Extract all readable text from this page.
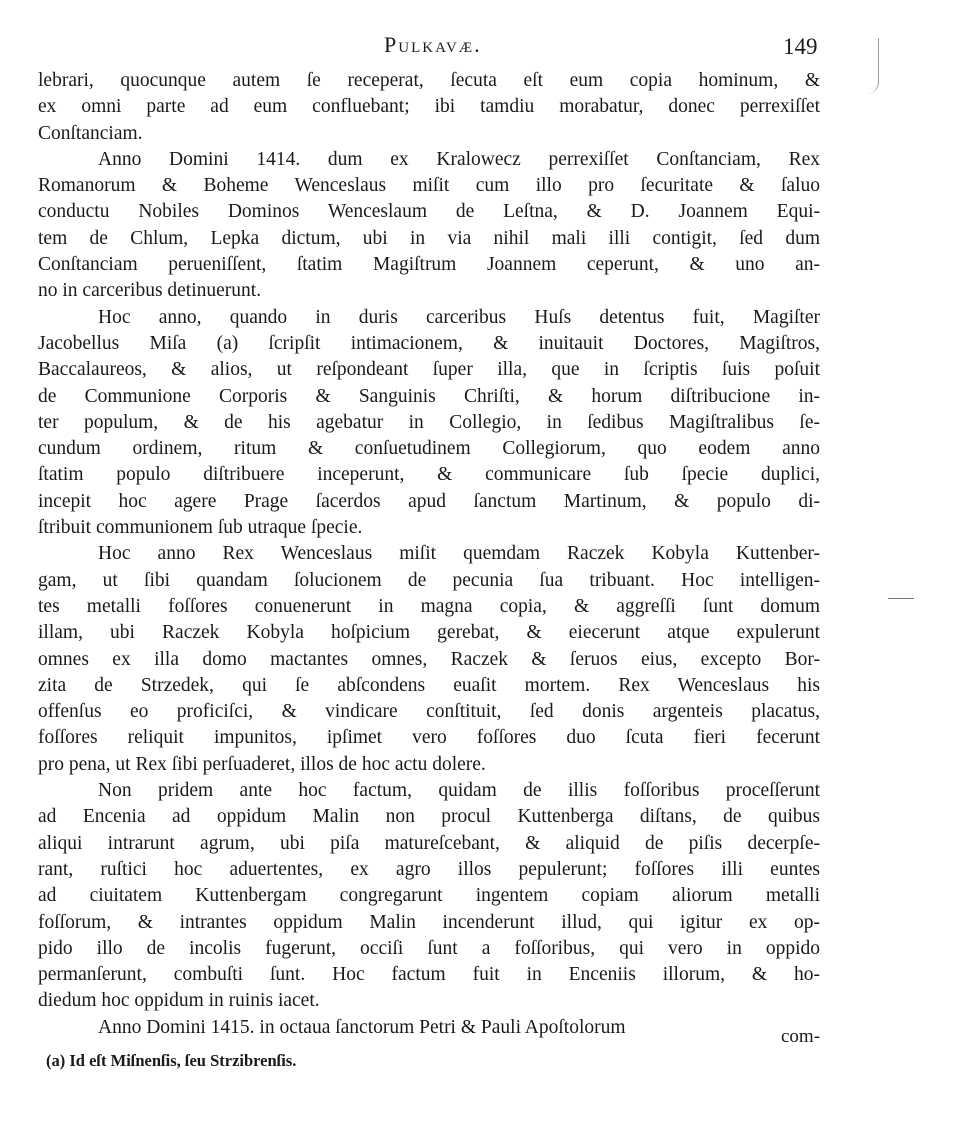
Pulkavæ.	149

lebrari, quocunque autem ſe receperat, ſecuta eſt eum copia hominum, &
ex omni parte ad eum confluebant; ibi tamdiu morabatur, donec perrexiſſet
Conſtanciam.

Anno Domini 1414. dum ex Kralowecz perrexiſſet Conſtanciam, Rex
Romanorum & Boheme Wenceslaus miſit cum illo pro ſecuritate & ſaluo
conductu Nobiles Dominos Wenceslaum de Leſtna, & D. Joannem Equi-
tem de Chlum, Lepka dictum, ubi in via nihil mali illi contigit, ſed dum
Conſtanciam perueniſſent, ſtatim Magiſtrum Joannem ceperunt, & uno an-
no in carceribus detinuerunt.

Hoc anno, quando in duris carceribus Huſs detentus fuit, Magiſter
Jacobellus Miſa (a) ſcripſit intimacionem, & inuitauit Doctores, Magiſtros,
Baccalaureos, & alios, ut reſpondeant ſuper illa, que in ſcriptis ſuis poſuit
de Communione Corporis & Sanguinis Chriſti, & horum diſtribucione in-
ter populum, & de his agebatur in Collegio, in ſedibus Magiſtralibus ſe-
cundum ordinem, ritum & conſuetudinem Collegiorum, quo eodem anno
ſtatim populo diſtribuere inceperunt, & communicare ſub ſpecie duplici,
incepit hoc agere Prage ſacerdos apud ſanctum Martinum, & populo di-
ſtribuit communionem ſub utraque ſpecie.

Hoc anno Rex Wenceslaus miſit quemdam Raczek Kobyla Kuttenber-
gam, ut ſibi quandam ſolucionem de pecunia ſua tribuant. Hoc intelligen-
tes metalli foſſores conuenerunt in magna copia, & aggreſſi ſunt domum
illam, ubi Raczek Kobyla hoſpicium gerebat, & eiecerunt atque expulerunt
omnes ex illa domo mactantes omnes, Raczek & ſeruos eius, excepto Bor-
zita de Strzedek, qui ſe abſcondens euaſit mortem. Rex Wenceslaus his
offenſus eo proficiſci, & vindicare conſtituit, ſed donis argenteis placatus,
foſſores reliquit impunitos, ipſimet vero foſſores duo ſcuta fieri fecerunt
pro pena, ut Rex ſibi perſuaderet, illos de hoc actu dolere.

Non pridem ante hoc factum, quidam de illis foſſoribus proceſſerunt
ad Encenia ad oppidum Malin non procul Kuttenberga diſtans, de quibus
aliqui intrarunt agrum, ubi piſa matureſcebant, & aliquid de piſis decerpſe-
rant, ruſtici hoc aduertentes, ex agro illos pepulerunt; foſſores illi euntes
ad ciuitatem Kuttenbergam congregarunt ingentem copiam aliorum metalli
foſſorum, & intrantes oppidum Malin incenderunt illud, qui igitur ex op-
pido illo de incolis fugerunt, occiſi ſunt a foſſoribus, qui vero in oppido
permanſerunt, combuſti ſunt. Hoc factum fuit in Enceniis illorum, & ho-
diedum hoc oppidum in ruinis iacet.

Anno Domini 1415. in octaua ſanctorum Petri & Pauli Apoſtolorum	com-
(a) Id eſt Miſnenſis, ſeu Strzibrenſis.
